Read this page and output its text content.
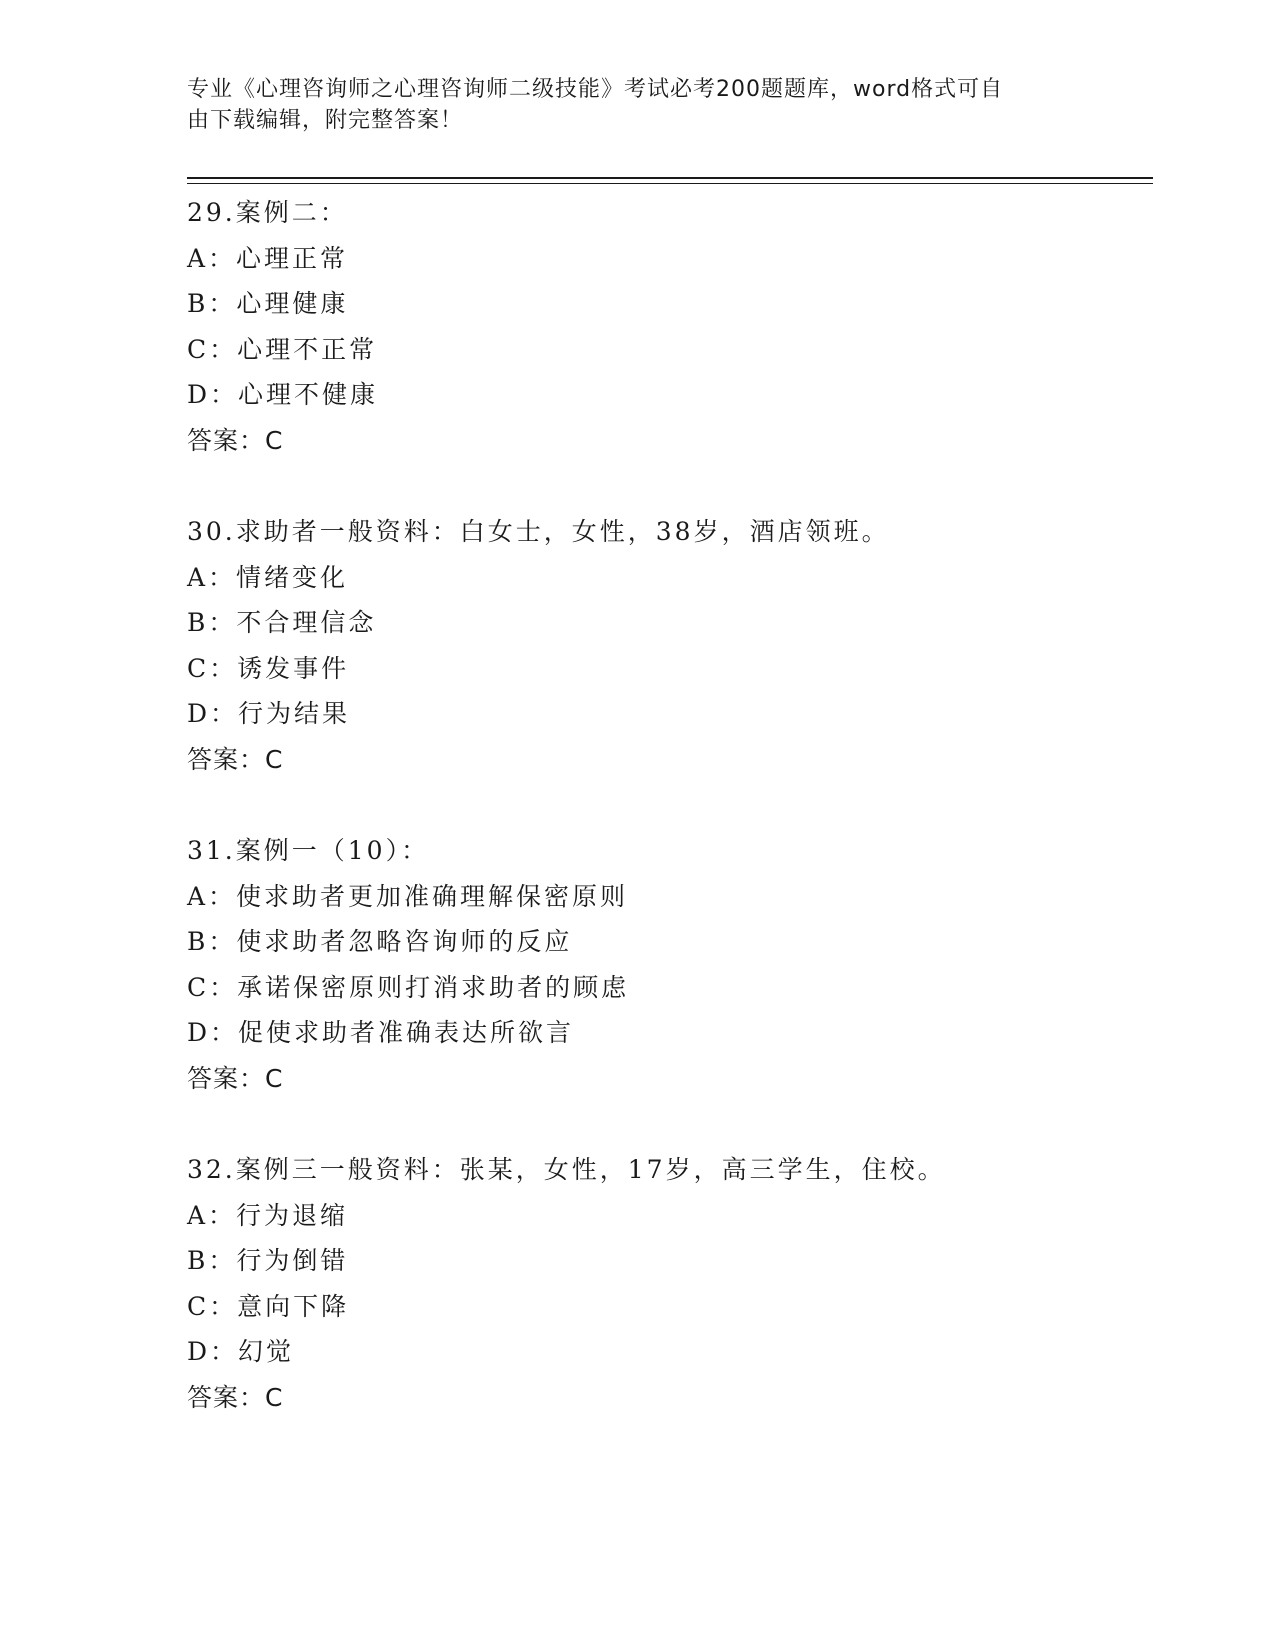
专业《心理咨询师之心理咨询师二级技能》考试必考200题题库，word格式可自
由下载编辑，附完整答案！
29.案例二：
A：心理正常
B：心理健康
C：心理不正常
D：心理不健康
答案：C
30.求助者一般资料：白女士，女性，38岁，酒店领班。
A：情绪变化
B：不合理信念
C：诱发事件
D：行为结果
答案：C
31.案例一（10）：
A：使求助者更加准确理解保密原则
B：使求助者忽略咨询师的反应
C：承诺保密原则打消求助者的顾虑
D：促使求助者准确表达所欲言
答案：C
32.案例三一般资料：张某，女性，17岁，高三学生，住校。
A：行为退缩
B：行为倒错
C：意向下降
D：幻觉
答案：C
